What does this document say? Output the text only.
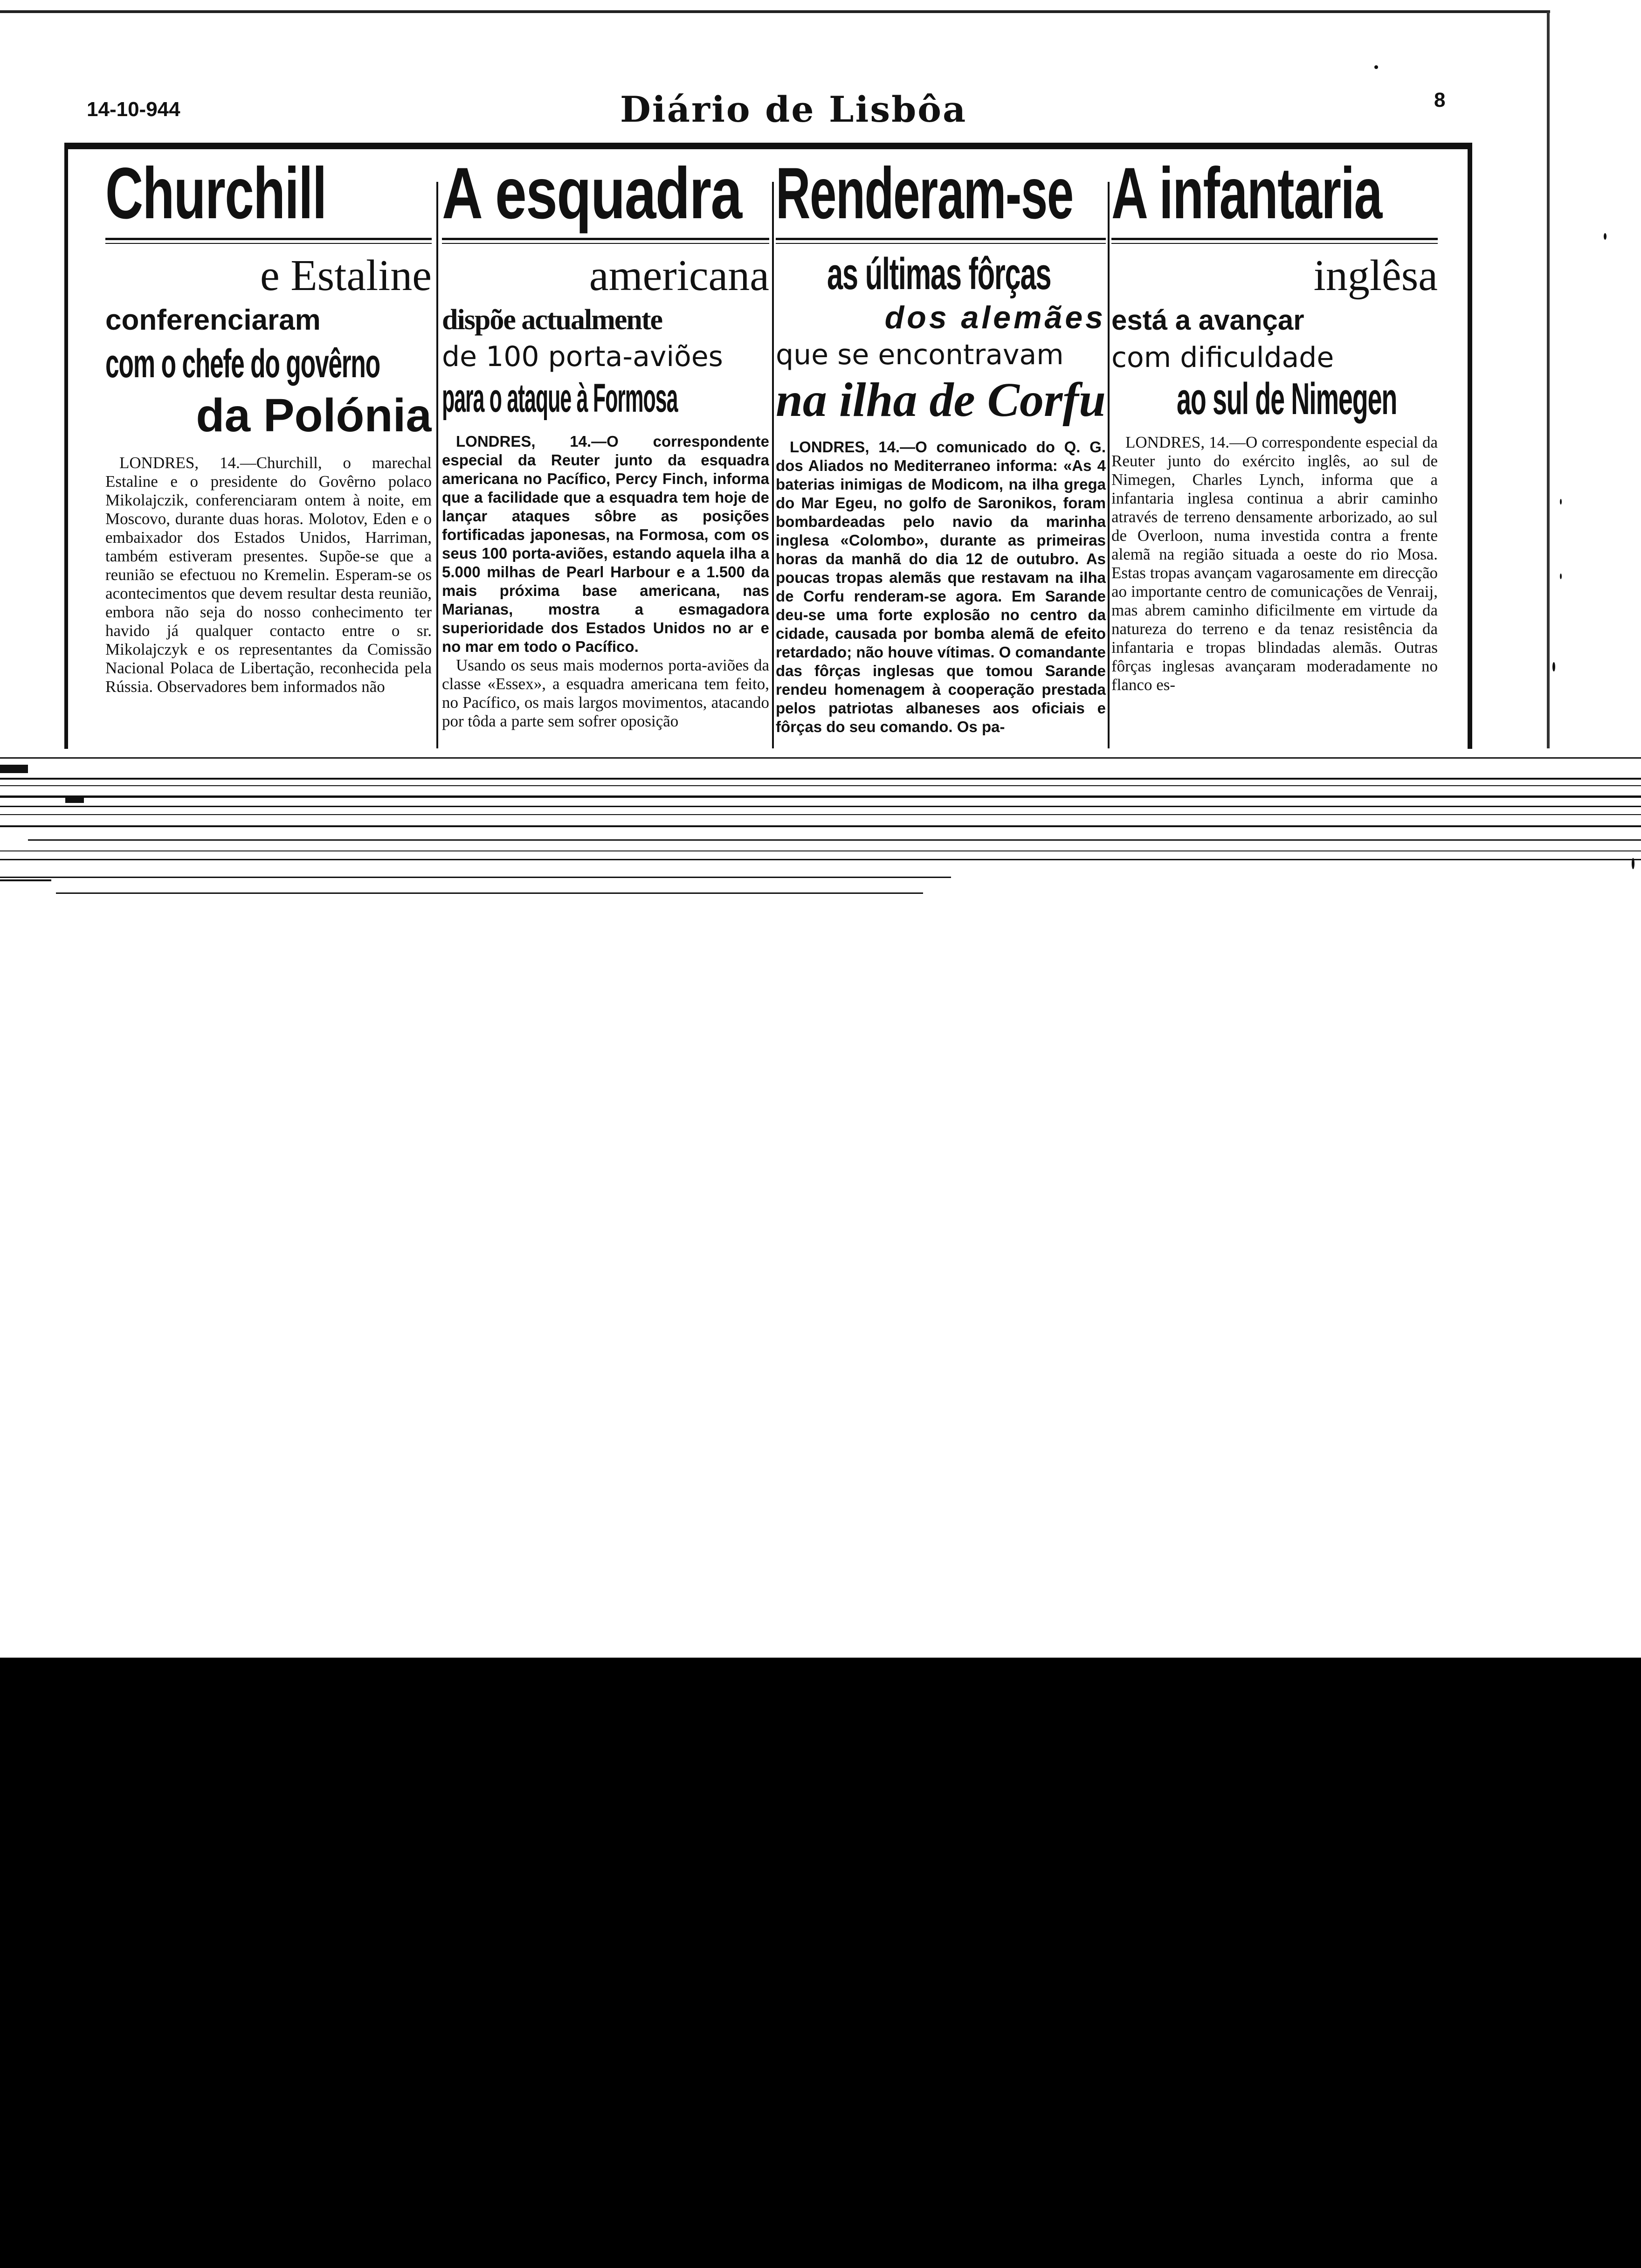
14-10-944	Diário de Lisbôa	8
Churchill
e Estaline
conferenciaram
com o chefe do govêrno
da Polónia

LONDRES, 14.—Churchill, o marechal Estaline e o presidente do Govêrno polaco Mikolajczik, conferenciaram ontem à noite, em Moscovo, durante duas horas. Molotov, Eden e o embaixador dos Estados Unidos, Harriman, também estiveram presentes. Supõe-se que a reunião se efectuou no Kremelin. Esperam-se os acontecimentos que devem resultar desta reunião, embora não seja do nosso conhecimento ter havido já qualquer contacto entre o sr. Mikolajczyk e os representantes da Comissão Nacional Polaca de Libertação, reconhecida pela Rússia. Observadores bem informados não

A esquadra
americana
dispõe actualmente
de 100 porta-aviões
para o ataque à Formosa

LONDRES, 14.—O correspondente especial da Reuter junto da esquadra americana no Pacífico, Percy Finch, informa que a facilidade que a esquadra tem hoje de lançar ataques sôbre as posições fortificadas japonesas, na Formosa, com os seus 100 porta-aviões, estando aquela ilha a 5.000 milhas de Pearl Harbour e a 1.500 da mais próxima base americana, nas Marianas, mostra a esmagadora superioridade dos Estados Unidos no ar e no mar em todo o Pacífico.

Usando os seus mais modernos porta-aviões da classe «Essex», a esquadra americana tem feito, no Pacífico, os mais largos movimentos, atacando por tôda a parte sem sofrer oposição

Renderam-se
as últimas fôrças
dos alemães
que se encontravam
na ilha de Corfu

LONDRES, 14.—O comunicado do Q. G. dos Aliados no Mediterraneo informa: «As 4 baterias inimigas de Modicom, na ilha grega do Mar Egeu, no golfo de Saronikos, foram bombardeadas pelo navio da marinha inglesa «Colombo», durante as primeiras horas da manhã do dia 12 de outubro. As poucas tropas alemãs que restavam na ilha de Corfu renderam-se agora. Em Sarande deu-se uma forte explosão no centro da cidade, causada por bomba alemã de efeito retardado; não houve vítimas. O comandante das fôrças inglesas que tomou Sarande rendeu homenagem à cooperação prestada pelos patriotas albaneses aos oficiais e fôrças do seu comando. Os pa-

A infantaria
inglêsa
está a avançar
com dificuldade
ao sul de Nimegen

LONDRES, 14.—O correspondente especial da Reuter junto do exército inglês, ao sul de Nimegen, Charles Lynch, informa que a infantaria inglesa continua a abrir caminho através de terreno densamente arborizado, ao sul de Overloon, numa investida contra a frente alemã na região situada a oeste do rio Mosa. Estas tropas avançam vagarosamente em direcção ao importante centro de comunicações de Venraij, mas abrem caminho dificilmente em virtude da natureza do terreno e da tenaz resistência da infantaria e tropas blindadas alemãs. Outras fôrças inglesas avançaram moderadamente no flanco es-
